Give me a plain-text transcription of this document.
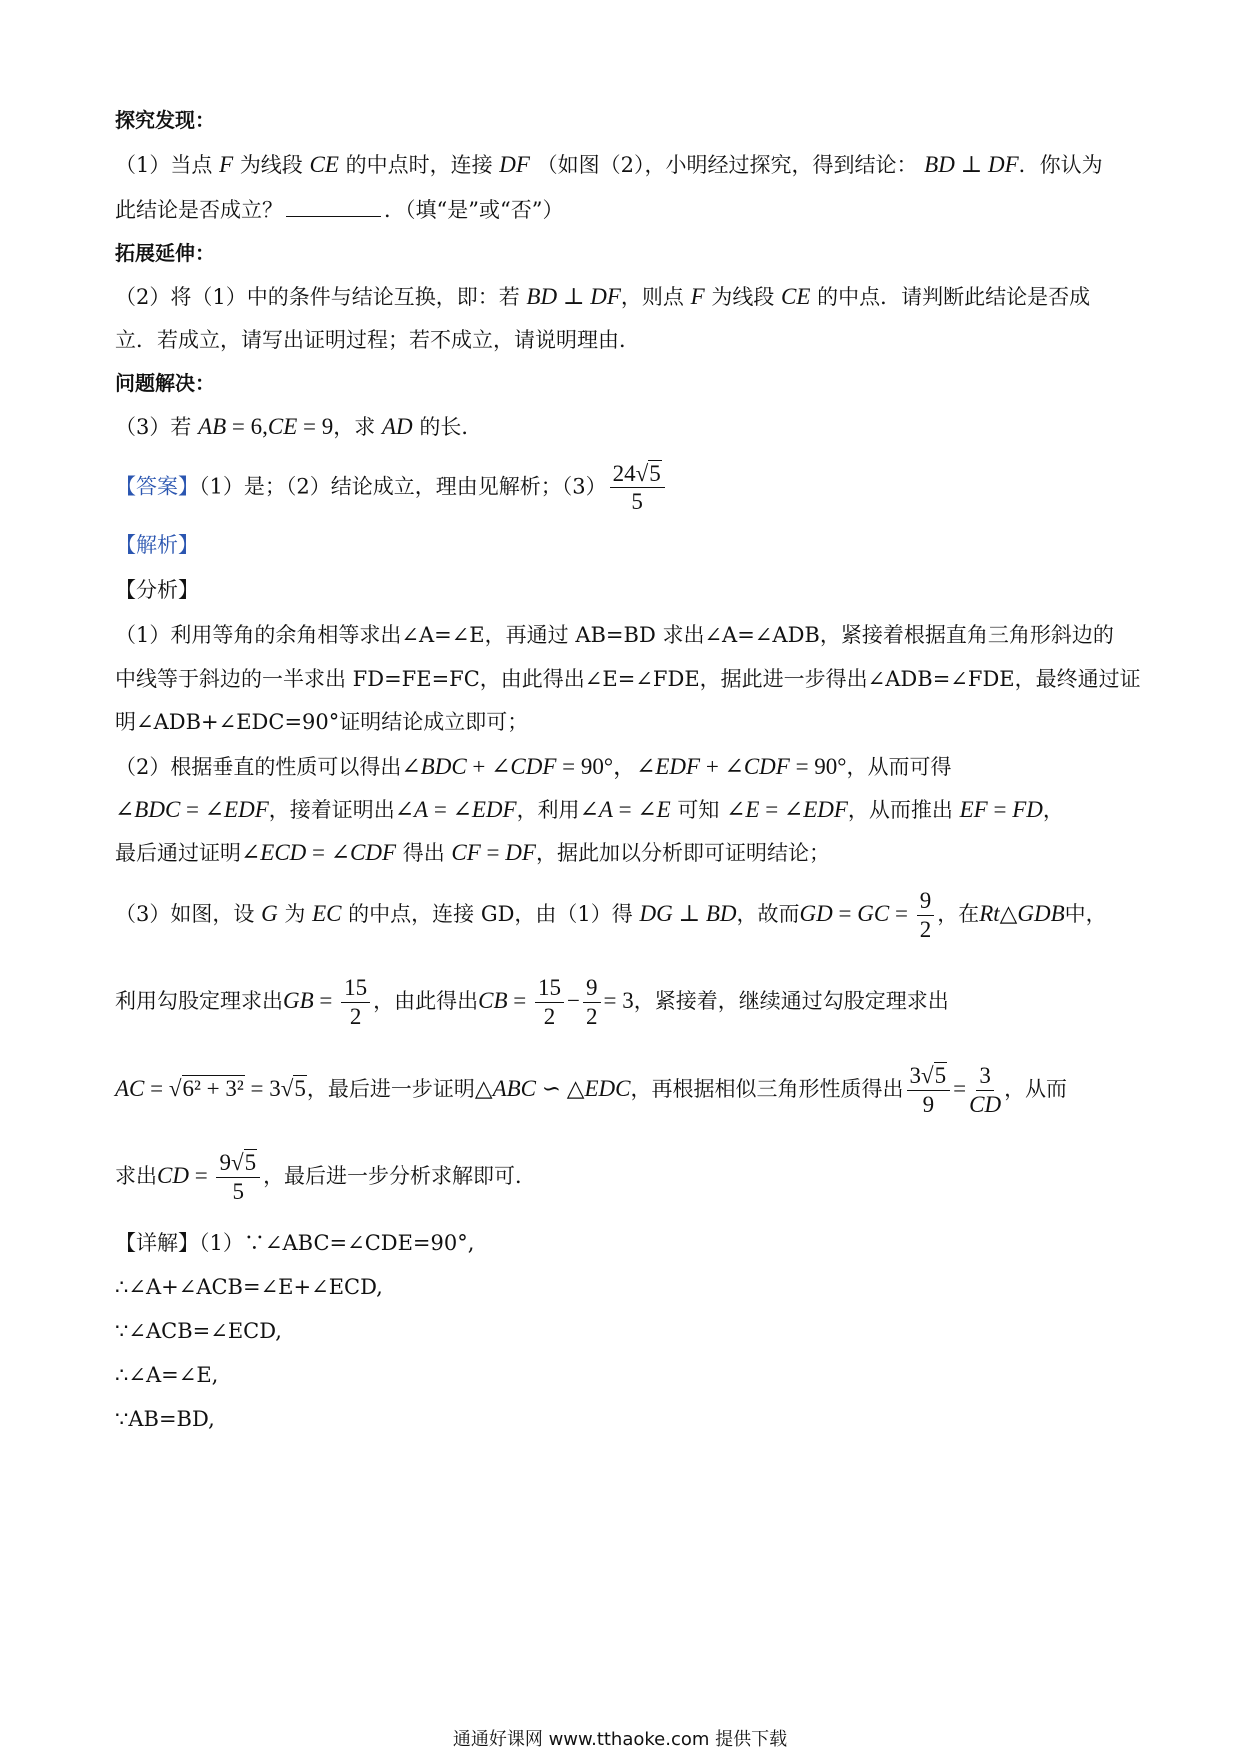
探究发现：
（1）当点 F 为线段 CE 的中点时，连接 DF （如图（2），小明经过探究，得到结论： BD ⊥ DF．你认为
此结论是否成立？	．（填“是”或“否”）
拓展延伸：
（2）将（1）中的条件与结论互换，即：若 BD ⊥ DF，则点 F 为线段 CE 的中点．请判断此结论是否成
立．若成立，请写出证明过程；若不成立，请说明理由．
问题解决：
（3）若 AB = 6,CE = 9，求 AD 的长．
【答案】（1）是；（2）结论成立，理由见解析；$(3) \frac{24√5}{5}$
【解析】
【分析】
（1）利用等角的余角相等求出∠A=∠E，再通过 AB=BD 求出∠A=∠ADB，紧接着根据直角三角形斜边的
中线等于斜边的一半求出 FD=FE=FC，由此得出∠E=∠FDE，据此进一步得出∠ADB=∠FDE，最终通过证
明∠ADB+∠EDC=90°证明结论成立即可；
（2）根据垂直的性质可以得出∠BDC + ∠CDF = 90°，∠EDF + ∠CDF = 90°，从而可得
∠BDC = ∠EDF，接着证明出∠A = ∠EDF，利用∠A = ∠E 可知 ∠E = ∠EDF，从而推出 EF = FD，
最后通过证明∠ECD = ∠CDF 得出 CF = DF，据此加以分析即可证明结论；
（3）如图，设 G 为 EC 的中点，连接 GD，由（1）得 DG ⊥ BD，故而GD = GC = $\frac{9}{2}$ ，在Rt△GDB中，
利用勾股定理求出GB = $\frac{15}{2}$ ，由此得出CB = $\frac{15}{2} - \frac{9}{2} = 3$，紧接着，继续通过勾股定理求出
AC = √6² + 3² = 3√5，最后进一步证明△ABC ∽ △EDC，再根据相似三角形性质得出 $\frac{3√5}{9} = \frac{3}{CD}$ ，从而
求出CD = $\frac{9√5}{5}$ ，最后进一步分析求解即可．
【详解】（1）∵∠ABC=∠CDE=90°,
∴∠A+∠ACB=∠E+∠ECD,
∵∠ACB=∠ECD,
∴∠A=∠E,
∵AB=BD,
通通好课网 www.tthaoke.com 提供下载
